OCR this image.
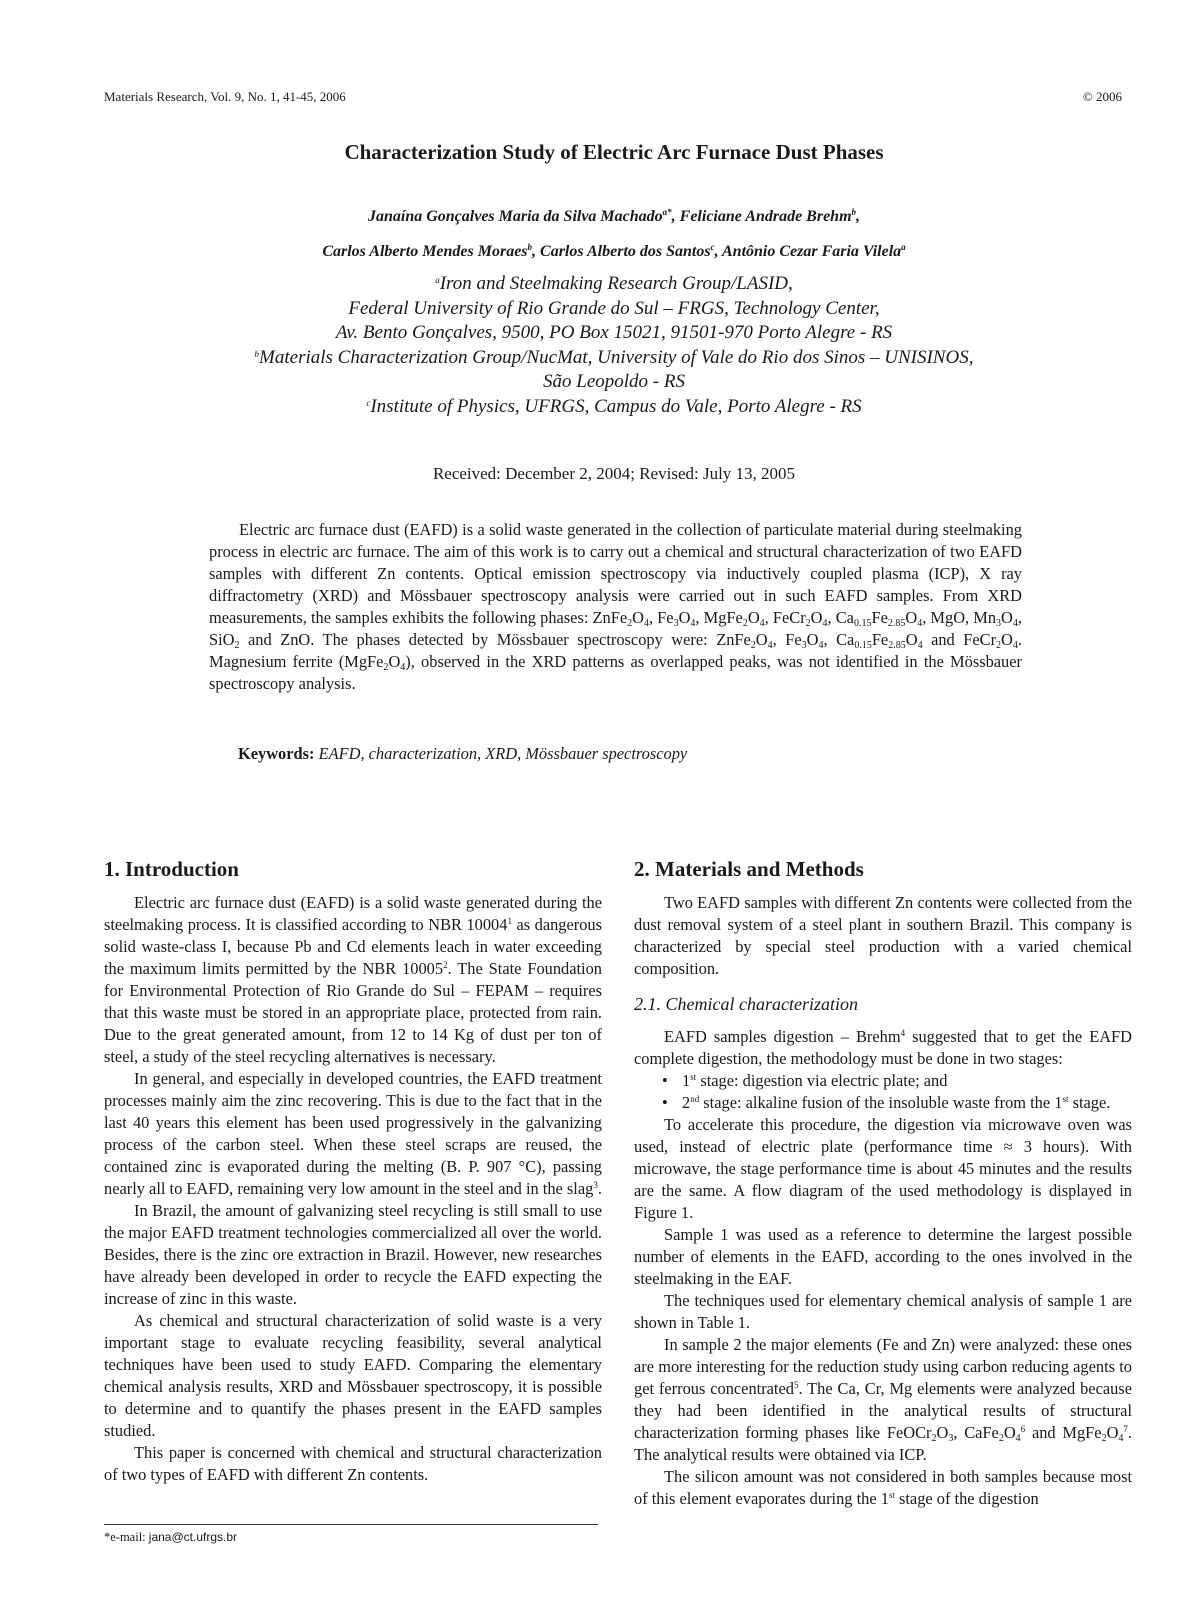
Materials Research, Vol. 9, No. 1, 41-45, 2006	© 2006
Characterization Study of Electric Arc Furnace Dust Phases
Janaína Gonçalves Maria da Silva Machado$^{a*}$, Feliciane Andrade Brehm$^b$,
Carlos Alberto Mendes Moraes$^b$, Carlos Alberto dos Santos$^c$, Antônio Cezar Faria Vilela$^a$
$^a$Iron and Steelmaking Research Group/LASID,
Federal University of Rio Grande do Sul – FRGS, Technology Center,
Av. Bento Gonçalves, 9500, PO Box 15021, 91501-970 Porto Alegre - RS
$^b$Materials Characterization Group/NucMat, University of Vale do Rio dos Sinos – UNISINOS,
São Leopoldo - RS
$^c$Institute of Physics, UFRGS, Campus do Vale, Porto Alegre - RS
Received: December 2, 2004; Revised: July 13, 2005
Electric arc furnace dust (EAFD) is a solid waste generated in the collection of particulate material during steelmaking process in electric arc furnace. The aim of this work is to carry out a chemical and structural characterization of two EAFD samples with different Zn contents. Optical emission spectroscopy via inductively coupled plasma (ICP), X ray diffractometry (XRD) and Mössbauer spectroscopy analysis were carried out in such EAFD samples. From XRD measurements, the samples exhibits the following phases: $ZnFe_2O_4$, $Fe_3O_4$, $MgFe_2O_4$, $FeCr_2O_4$, $Ca_{0.15}Fe_{2.85}O_4$, MgO, $Mn_3O_4$, SiO$_2$ and ZnO. The phases detected by Mössbauer spectroscopy were: $ZnFe_2O_4$, $Fe_3O_4$, $Ca_{0.15}Fe_{2.85}O_4$ and $FeCr_2O_4$. Magnesium ferrite $(MgFe_2O_4)$, observed in the XRD patterns as overlapped peaks, was not identified in the Mössbauer spectroscopy analysis.
Keywords: EAFD, characterization, XRD, Mössbauer spectroscopy
1. Introduction

Electric arc furnace dust (EAFD) is a solid waste generated during the steelmaking process. It is classified according to NBR 10004$^1$ as dangerous solid waste-class I, because Pb and Cd elements leach in water exceeding the maximum limits permitted by the NBR 10005$^2$. The State Foundation for Environmental Protection of Rio Grande do Sul – FEPAM – requires that this waste must be stored in an appropriate place, protected from rain. Due to the great generated amount, from 12 to 14 Kg of dust per ton of steel, a study of the steel recycling alternatives is necessary.

In general, and especially in developed countries, the EAFD treatment processes mainly aim the zinc recovering. This is due to the fact that in the last 40 years this element has been used progressively in the galvanizing process of the carbon steel. When these steel scraps are reused, the contained zinc is evaporated during the melting (B. P. 907 °C), passing nearly all to EAFD, remaining very low amount in the steel and in the slag$^3$.

In Brazil, the amount of galvanizing steel recycling is still small to use the major EAFD treatment technologies commercialized all over the world. Besides, there is the zinc ore extraction in Brazil. However, new researches have already been developed in order to recycle the EAFD expecting the increase of zinc in this waste.

As chemical and structural characterization of solid waste is a very important stage to evaluate recycling feasibility, several analytical techniques have been used to study EAFD. Comparing the elementary chemical analysis results, XRD and Mössbauer spectroscopy, it is possible to determine and to quantify the phases present in the EAFD samples studied.

This paper is concerned with chemical and structural characterization of two types of EAFD with different Zn contents.

2. Materials and Methods

Two EAFD samples with different Zn contents were collected from the dust removal system of a steel plant in southern Brazil. This company is characterized by special steel production with a varied chemical composition.

2.1. Chemical characterization

EAFD samples digestion – Brehm$^4$ suggested that to get the EAFD complete digestion, the methodology must be done in two stages:

• 1st stage: digestion via electric plate; and
• 2nd stage: alkaline fusion of the insoluble waste from the 1st stage.

To accelerate this procedure, the digestion via microwave oven was used, instead of electric plate (performance time ≈ 3 hours). With microwave, the stage performance time is about 45 minutes and the results are the same. A flow diagram of the used methodology is displayed in Figure 1.

Sample 1 was used as a reference to determine the largest possible number of elements in the EAFD, according to the ones involved in the steelmaking in the EAF.

The techniques used for elementary chemical analysis of sample 1 are shown in Table 1.

In sample 2 the major elements (Fe and Zn) were analyzed: these ones are more interesting for the reduction study using carbon reducing agents to get ferrous concentrated$^5$. The Ca, Cr, Mg elements were analyzed because they had been identified in the analytical results of structural characterization forming phases like $FeOCr_2O_3$, $CaFe_2O_4^6$ and $MgFe_2O_4^7$. The analytical results were obtained via ICP.

The silicon amount was not considered in both samples because most of this element evaporates during the 1st stage of the digestion

*e-mail: jana@ct.ufrgs.br
